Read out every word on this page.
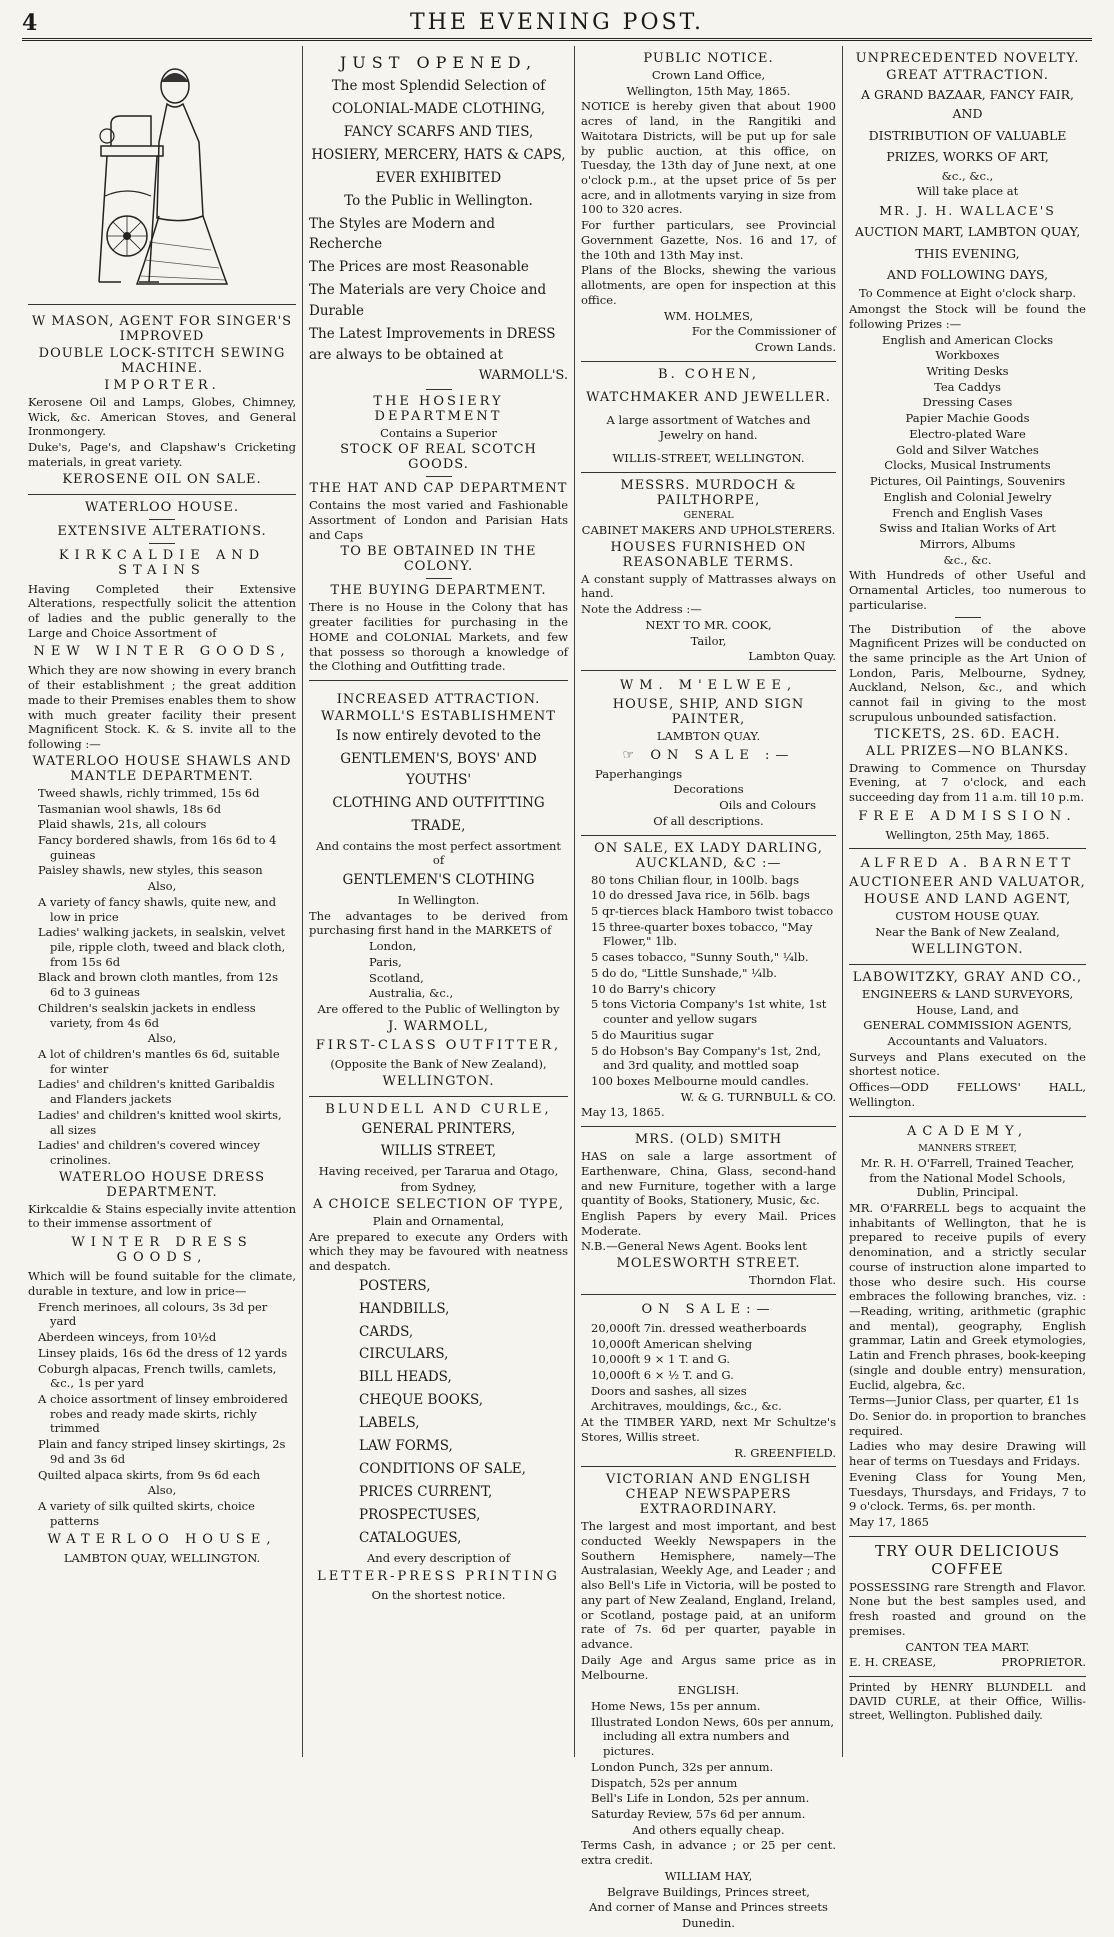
4	THE EVENING POST.
W MASON, AGENT FOR SINGER'S IMPROVED
DOUBLE LOCK-STITCH SEWING MACHINE.
IMPORTER.

Kerosene Oil and Lamps, Globes, Chimney, Wick, &c. American Stoves, and General Ironmongery.

Duke's, Page's, and Clapshaw's Cricketing materials, in great variety.

KEROSENE OIL ON SALE.
WATERLOO HOUSE.
EXTENSIVE ALTERATIONS.
KIRKCALDIE AND STAINS

Having Completed their Extensive Alterations, respectfully solicit the attention of ladies and the public generally to the Large and Choice Assortment of

NEW WINTER GOODS,

Which they are now showing in every branch of their establishment ; the great addition made to their Premises enables them to show with much greater facility their present Magnificent Stock. K. & S. invite all to the following :—

WATERLOO HOUSE SHAWLS AND MANTLE DEPARTMENT.

Tweed shawls, richly trimmed, 15s 6d

Tasmanian wool shawls, 18s 6d

Plaid shawls, 21s, all colours

Fancy bordered shawls, from 16s 6d to 4 guineas

Paisley shawls, new styles, this season

Also,

A variety of fancy shawls, quite new, and low in price

Ladies' walking jackets, in sealskin, velvet pile, ripple cloth, tweed and black cloth, from 15s 6d

Black and brown cloth mantles, from 12s 6d to 3 guineas

Children's sealskin jackets in endless variety, from 4s 6d

Also,

A lot of children's mantles 6s 6d, suitable for winter

Ladies' and children's knitted Garibaldis and Flanders jackets

Ladies' and children's knitted wool skirts, all sizes

Ladies' and children's covered wincey crinolines.

WATERLOO HOUSE DRESS DEPARTMENT.

Kirkcaldie & Stains especially invite attention to their immense assortment of

WINTER DRESS GOODS,

Which will be found suitable for the climate, durable in texture, and low in price—

French merinoes, all colours, 3s 3d per yard

Aberdeen winceys, from 10½d

Linsey plaids, 16s 6d the dress of 12 yards

Coburgh alpacas, French twills, camlets, &c., 1s per yard

A choice assortment of linsey embroidered robes and ready made skirts, richly trimmed

Plain and fancy striped linsey skirtings, 2s 9d and 3s 6d

Quilted alpaca skirts, from 9s 6d each

Also,

A variety of silk quilted skirts, choice patterns

WATERLOO HOUSE,
LAMBTON QUAY, WELLINGTON.
JUST OPENED,

The most Splendid Selection of

COLONIAL-MADE CLOTHING,

FANCY SCARFS AND TIES,

HOSIERY, MERCERY, HATS & CAPS,

EVER EXHIBITED

To the Public in Wellington.

The Styles are Modern and Recherche

The Prices are most Reasonable

The Materials are very Choice and Durable

The Latest Improvements in DRESS are always to be obtained at

WARMOLL'S.

THE HOSIERY DEPARTMENT

Contains a Superior

STOCK OF REAL SCOTCH GOODS.
THE HAT AND CAP DEPARTMENT

Contains the most varied and Fashionable Assortment of London and Parisian Hats and Caps

TO BE OBTAINED IN THE COLONY.
THE BUYING DEPARTMENT.

There is no House in the Colony that has greater facilities for purchasing in the HOME and COLONIAL Markets, and few that possess so thorough a knowledge of the Clothing and Outfitting trade.

INCREASED ATTRACTION.
WARMOLL'S ESTABLISHMENT

Is now entirely devoted to the

GENTLEMEN'S, BOYS' AND YOUTHS'

CLOTHING AND OUTFITTING

TRADE,

And contains the most perfect assortment of

GENTLEMEN'S CLOTHING

In Wellington.

The advantages to be derived from purchasing first hand in the MARKETS of

London,

Paris,

Scotland,

Australia, &c.,

Are offered to the Public of Wellington by

J. WARMOLL,
FIRST-CLASS OUTFITTER,

(Opposite the Bank of New Zealand),

WELLINGTON.
BLUNDELL AND CURLE,

GENERAL PRINTERS,

WILLIS STREET,

Having received, per Tararua and Otago,

from Sydney,

A CHOICE SELECTION OF TYPE,

Plain and Ornamental,

Are prepared to execute any Orders with which they may be favoured with neatness and despatch.

POSTERS,

HANDBILLS,

CARDS,

CIRCULARS,

BILL HEADS,

CHEQUE BOOKS,

LABELS,

LAW FORMS,

CONDITIONS OF SALE,

PRICES CURRENT,

PROSPECTUSES,

CATALOGUES,

And every description of

LETTER-PRESS PRINTING

On the shortest notice.

PUBLIC NOTICE.

Crown Land Office,

Wellington, 15th May, 1865.

NOTICE is hereby given that about 1900 acres of land, in the Rangitiki and Waitotara Districts, will be put up for sale by public auction, at this office, on Tuesday, the 13th day of June next, at one o'clock p.m., at the upset price of 5s per acre, and in allotments varying in size from 100 to 320 acres.

For further particulars, see Provincial Government Gazette, Nos. 16 and 17, of the 10th and 13th May inst.

Plans of the Blocks, shewing the various allotments, are open for inspection at this office.

WM. HOLMES,

For the Commissioner of

Crown Lands.

B. COHEN,
WATCHMAKER AND JEWELLER.

A large assortment of Watches and

Jewelry on hand.

WILLIS-STREET, WELLINGTON.

MESSRS. MURDOCH & PAILTHORPE,

GENERAL

CABINET MAKERS AND UPHOLSTERERS.

HOUSES FURNISHED ON REASONABLE TERMS.

A constant supply of Mattrasses always on hand.

Note the Address :—

NEXT TO MR. COOK,

Tailor,

Lambton Quay.

WM. M'ELWEE,
HOUSE, SHIP, AND SIGN PAINTER,

LAMBTON QUAY.

☞ ON SALE :—

Paperhangings

Decorations

Oils and Colours

Of all descriptions.

ON SALE, EX LADY DARLING, AUCKLAND, &C :—

80 tons Chilian flour, in 100lb. bags

10 do dressed Java rice, in 56lb. bags

5 qr-tierces black Hamboro twist tobacco

15 three-quarter boxes tobacco, "May Flower," 1lb.

5 cases tobacco, "Sunny South," ¼lb.

5 do do, "Little Sunshade," ¼lb.

10 do Barry's chicory

5 tons Victoria Company's 1st white, 1st counter and yellow sugars

5 do Mauritius sugar

5 do Hobson's Bay Company's 1st, 2nd, and 3rd quality, and mottled soap

100 boxes Melbourne mould candles.

W. & G. TURNBULL & CO.

May 13, 1865.

MRS. (OLD) SMITH

HAS on sale a large assortment of Earthenware, China, Glass, second-hand and new Furniture, together with a large quantity of Books, Stationery, Music, &c.

English Papers by every Mail. Prices Moderate.

N.B.—General News Agent. Books lent

MOLESWORTH STREET.

Thorndon Flat.

ON SALE:—

20,000ft 7in. dressed weatherboards

10,000ft American shelving

10,000ft 9 × 1 T. and G.

10,000ft 6 × ½ T. and G.

Doors and sashes, all sizes

Architraves, mouldings, &c., &c.

At the TIMBER YARD, next Mr Schultze's Stores, Willis street.

R. GREENFIELD.

VICTORIAN AND ENGLISH CHEAP NEWSPAPERS EXTRAORDINARY.

The largest and most important, and best conducted Weekly Newspapers in the Southern Hemisphere, namely—The Australasian, Weekly Age, and Leader ; and also Bell's Life in Victoria, will be posted to any part of New Zealand, England, Ireland, or Scotland, postage paid, at an uniform rate of 7s. 6d per quarter, payable in advance.

Daily Age and Argus same price as in Melbourne.

ENGLISH.

Home News, 15s per annum.

Illustrated London News, 60s per annum, including all extra numbers and pictures.

London Punch, 32s per annum.

Dispatch, 52s per annum

Bell's Life in London, 52s per annum.

Saturday Review, 57s 6d per annum.

And others equally cheap.

Terms Cash, in advance ; or 25 per cent. extra credit.

WILLIAM HAY,

Belgrave Buildings, Princes street,

And corner of Manse and Princes streets

Dunedin.

UNPRECEDENTED NOVELTY.
GREAT ATTRACTION.

A GRAND BAZAAR, FANCY FAIR, AND

DISTRIBUTION OF VALUABLE

PRIZES, WORKS OF ART,

&c., &c.,

Will take place at

MR. J. H. WALLACE'S

AUCTION MART, LAMBTON QUAY,

THIS EVENING,

AND FOLLOWING DAYS,

To Commence at Eight o'clock sharp.

Amongst the Stock will be found the following Prizes :—

English and American Clocks

Workboxes

Writing Desks

Tea Caddys

Dressing Cases

Papier Machie Goods

Electro-plated Ware

Gold and Silver Watches

Clocks, Musical Instruments

Pictures, Oil Paintings, Souvenirs

English and Colonial Jewelry

French and English Vases

Swiss and Italian Works of Art

Mirrors, Albums

&c., &c.

With Hundreds of other Useful and Ornamental Articles, too numerous to particularise.

The Distribution of the above Magnificent Prizes will be conducted on the same principle as the Art Union of London, Paris, Melbourne, Sydney, Auckland, Nelson, &c., and which cannot fail in giving to the most scrupulous unbounded satisfaction.

TICKETS, 2S. 6D. EACH.
ALL PRIZES—NO BLANKS.

Drawing to Commence on Thursday Evening, at 7 o'clock, and each succeeding day from 11 a.m. till 10 p.m.

FREE ADMISSION.

Wellington, 25th May, 1865.

ALFRED A. BARNETT
AUCTIONEER AND VALUATOR,
HOUSE AND LAND AGENT,

CUSTOM HOUSE QUAY.

Near the Bank of New Zealand,

WELLINGTON.
LABOWITZKY, GRAY AND CO.,

ENGINEERS & LAND SURVEYORS,

House, Land, and

GENERAL COMMISSION AGENTS,

Accountants and Valuators.

Surveys and Plans executed on the shortest notice.

Offices—ODD FELLOWS' HALL, Wellington.

ACADEMY,

MANNERS STREET,

Mr. R. H. O'Farrell, Trained Teacher, from the National Model Schools, Dublin, Principal.

MR. O'FARRELL begs to acquaint the inhabitants of Wellington, that he is prepared to receive pupils of every denomination, and a strictly secular course of instruction alone imparted to those who desire such. His course embraces the following branches, viz. :—Reading, writing, arithmetic (graphic and mental), geography, English grammar, Latin and Greek etymologies, Latin and French phrases, book-keeping (single and double entry) mensuration, Euclid, algebra, &c.

Terms—Junior Class, per quarter, £1 1s

Do. Senior do. in proportion to branches required.

Ladies who may desire Drawing will hear of terms on Tuesdays and Fridays.

Evening Class for Young Men, Tuesdays, Thursdays, and Fridays, 7 to 9 o'clock. Terms, 6s. per month.

May 17, 1865

TRY OUR DELICIOUS COFFEE

POSSESSING rare Strength and Flavor. None but the best samples used, and fresh roasted and ground on the premises.

CANTON TEA MART.

E. H. CREASE,	PROPRIETOR.

Printed by HENRY BLUNDELL and DAVID CURLE, at their Office, Willis-street, Wellington. Published daily.
